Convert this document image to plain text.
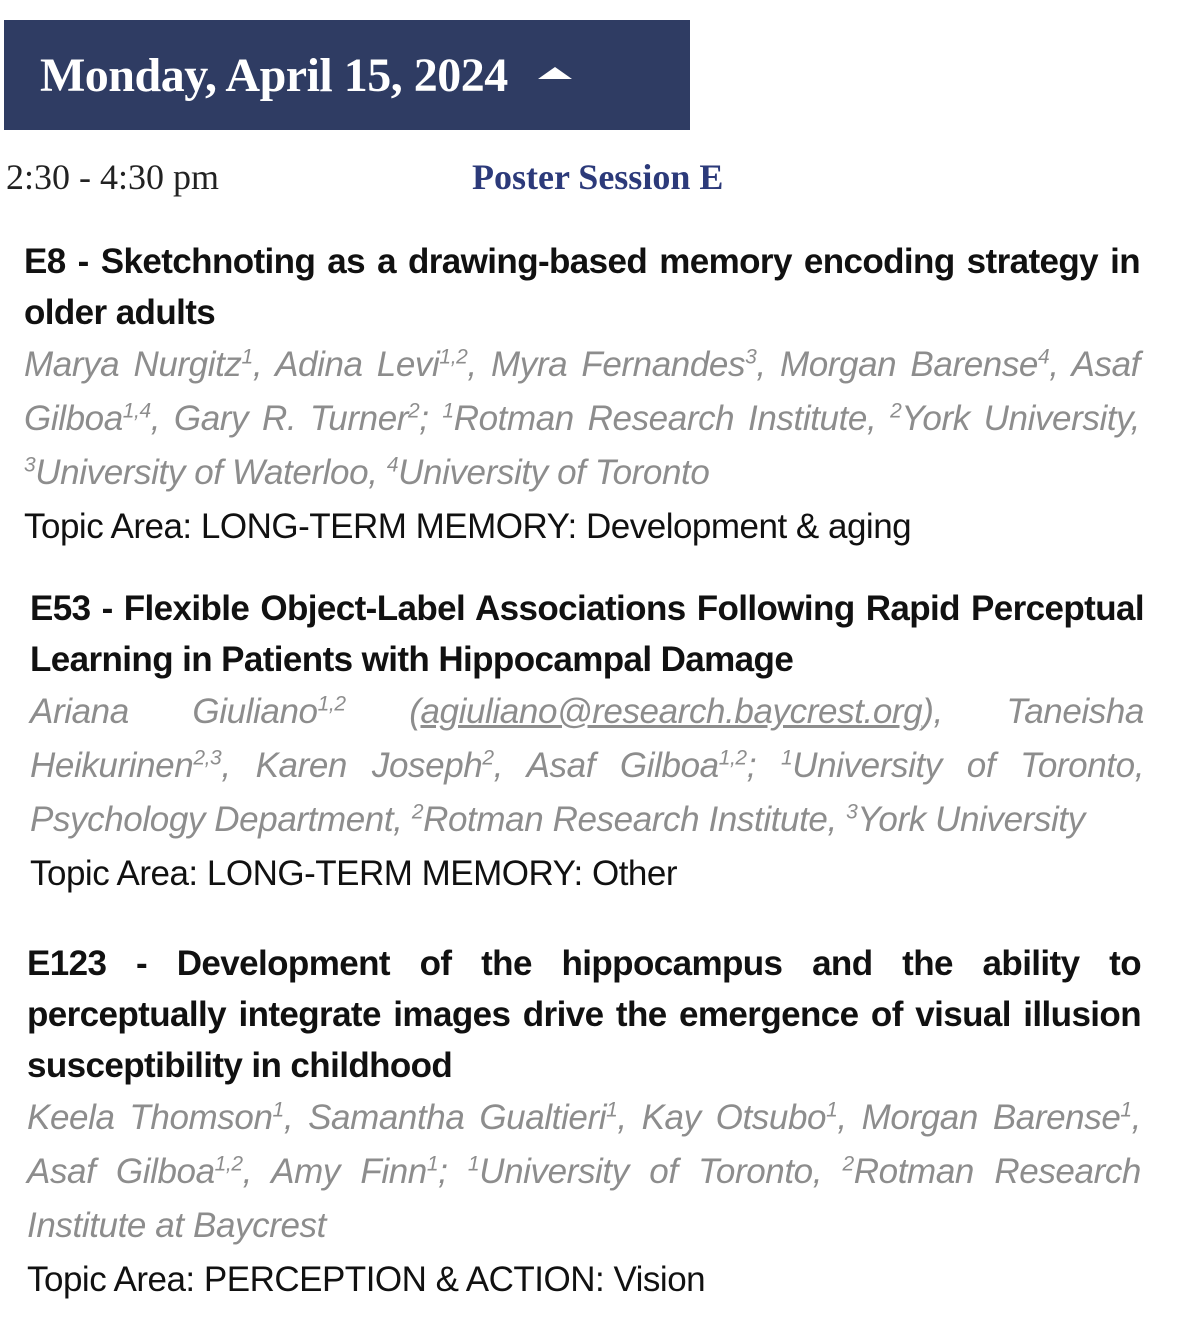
Monday, April 15, 2024
2:30 - 4:30 pm	Poster Session E
E8 - Sketchnoting as a drawing-based memory encoding strategy in older adults
Marya Nurgitz$^1$, Adina Levi$^{1,2}$, Myra Fernandes$^3$, Morgan Barense$^4$, Asaf Gilboa$^{1,4}$, Gary R. Turner$^2$; $^1$Rotman Research Institute, $^2$York University, $^3$University of Waterloo, $^4$University of Toronto
Topic Area: LONG-TERM MEMORY: Development & aging
E53 - Flexible Object-Label Associations Following Rapid Perceptual Learning in Patients with Hippocampal Damage
Ariana Giuliano$^{1,2}$ (agiuliano@research.baycrest.org), Taneisha Heikurinen$^{2,3}$, Karen Joseph$^2$, Asaf Gilboa$^{1,2}$; $^1$University of Toronto, Psychology Department, $^2$Rotman Research Institute, $^3$York University
Topic Area: LONG-TERM MEMORY: Other
E123 - Development of the hippocampus and the ability to perceptually integrate images drive the emergence of visual illusion susceptibility in childhood
Keela Thomson$^1$, Samantha Gualtieri$^1$, Kay Otsubo$^1$, Morgan Barense$^1$, Asaf Gilboa$^{1,2}$, Amy Finn$^1$; $^1$University of Toronto, $^2$Rotman Research Institute at Baycrest
Topic Area: PERCEPTION & ACTION: Vision
